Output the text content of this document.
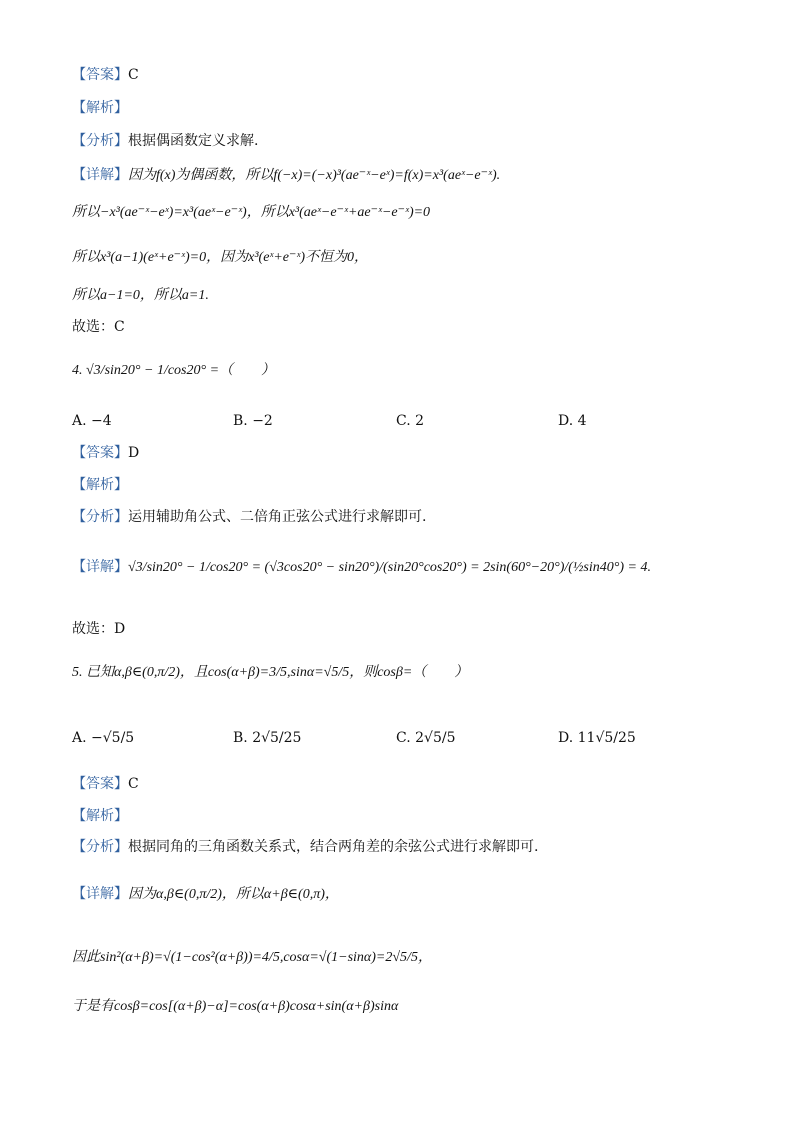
【答案】C
【解析】
【分析】根据偶函数定义求解.
【详解】因为f(x)为偶函数，所以f(−x)=(−x)³(ae⁻ˣ−eˣ)=f(x)=x³(aeˣ−e⁻ˣ).
所以−x³(ae⁻ˣ−eˣ)=x³(aeˣ−e⁻ˣ)，所以x³(aeˣ−e⁻ˣ+ae⁻ˣ−e⁻ˣ)=0
所以x³(a−1)(eˣ+e⁻ˣ)=0，因为x³(eˣ+e⁻ˣ)不恒为0，
所以a−1=0，所以a=1.
故选：C
4. √3/sin20° − 1/cos20° =（　　）
A. −4	B. −2	C. 2	D. 4
【答案】D
【解析】
【分析】运用辅助角公式、二倍角正弦公式进行求解即可.
【详解】√3/sin20° − 1/cos20° = (√3cos20° − sin20°)/(sin20°cos20°) = 2sin(60°−20°)/(½sin40°) = 4.
故选：D
5. 已知α,β∈(0,π/2)，且cos(α+β)=3/5,sinα=√5/5，则cosβ=（　　）
A. −√5/5	B. 2√5/25	C. 2√5/5	D. 11√5/25
【答案】C
【解析】
【分析】根据同角的三角函数关系式，结合两角差的余弦公式进行求解即可.
【详解】因为α,β∈(0,π/2)，所以α+β∈(0,π)，
因此sin²(α+β)=√(1−cos²(α+β))=4/5,cosα=√(1−sinα)=2√5/5，
于是有cosβ=cos[(α+β)−α]=cos(α+β)cosα+sin(α+β)sinα
